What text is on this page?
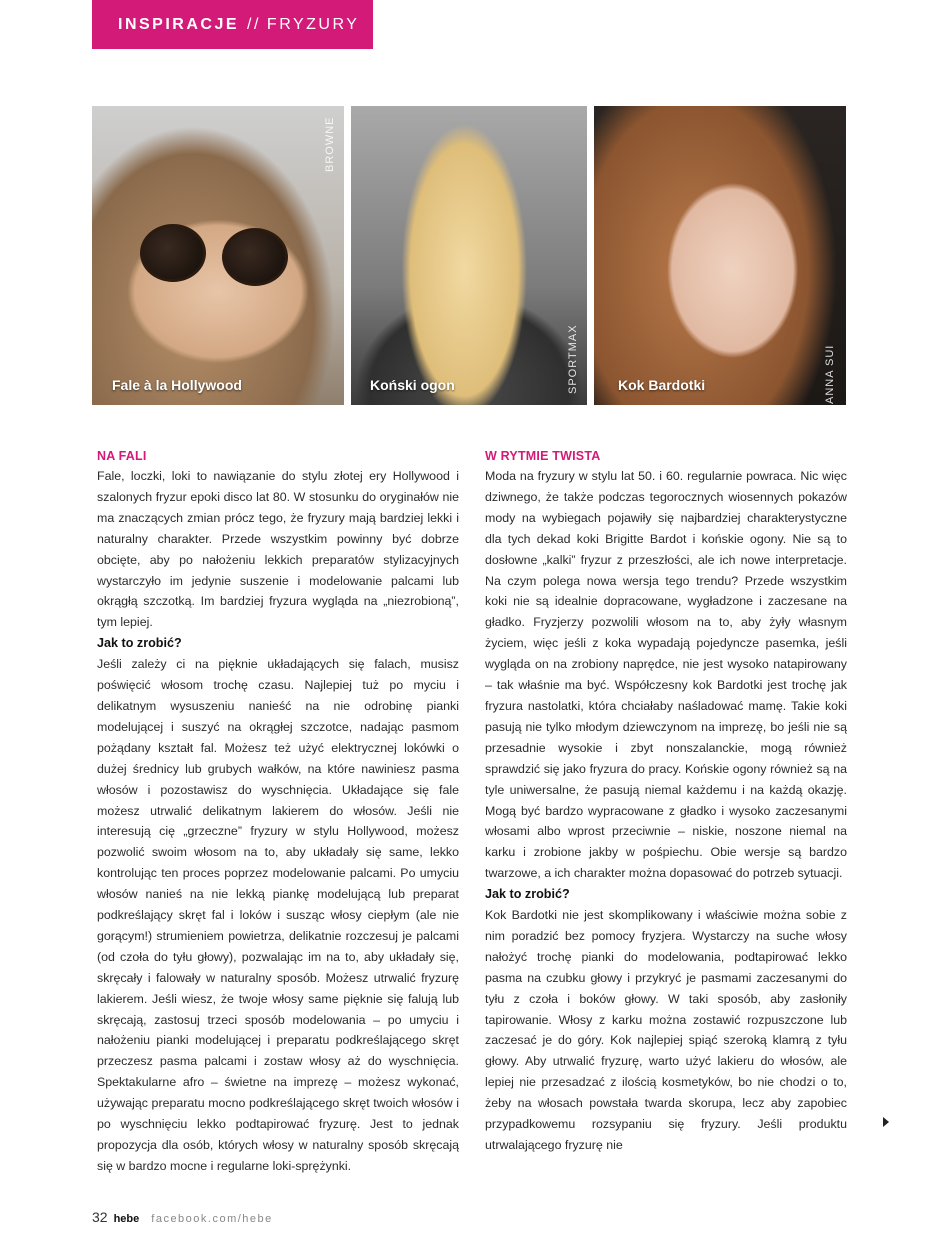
INSPIRACJE // FRYZURY
BROWNE
Fale à la Hollywood	SPORTMAX
Koński ogon	ANNA SUI
Kok Bardotki
NA FALI

Fale, loczki, loki to nawiązanie do stylu złotej ery Hollywood i szalonych fryzur epoki disco lat 80. W stosunku do oryginałów nie ma znaczących zmian prócz tego, że fryzury mają bardziej lekki i naturalny charakter. Przede wszystkim powinny być dobrze obcięte, aby po nałożeniu lekkich preparatów stylizacyjnych wystarczyło im jedynie suszenie i modelowanie palcami lub okrągłą szczotką. Im bardziej fryzura wygląda na „niezrobioną”, tym lepiej.

Jak to zrobić?

Jeśli zależy ci na pięknie układających się falach, musisz poświęcić włosom trochę czasu. Najlepiej tuż po myciu i delikatnym wysuszeniu nanieść na nie odrobinę pianki modelującej i suszyć na okrągłej szczotce, nadając pasmom pożądany kształt fal. Możesz też użyć elektrycznej lokówki o dużej średnicy lub grubych wałków, na które nawiniesz pasma włosów i pozostawisz do wyschnięcia. Układające się fale możesz utrwalić delikatnym lakierem do włosów. Jeśli nie interesują cię „grzeczne” fryzury w stylu Hollywood, możesz pozwolić swoim włosom na to, aby układały się same, lekko kontrolując ten proces poprzez modelowanie palcami. Po umyciu włosów nanieś na nie lekką piankę modelującą lub preparat podkreślający skręt fal i loków i susząc włosy ciepłym (ale nie gorącym!) strumieniem powietrza, delikatnie rozczesuj je palcami (od czoła do tyłu głowy), pozwalając im na to, aby układały się, skręcały i falowały w naturalny sposób. Możesz utrwalić fryzurę lakierem. Jeśli wiesz, że twoje włosy same pięknie się falują lub skręcają, zastosuj trzeci sposób modelowania – po umyciu i nałożeniu pianki modelującej i preparatu podkreślającego skręt przeczesz pasma palcami i zostaw włosy aż do wyschnięcia. Spektakularne afro – świetne na imprezę – możesz wykonać, używając preparatu mocno podkreślającego skręt twoich włosów i po wyschnięciu lekko podtapirować fryzurę. Jest to jednak propozycja dla osób, których włosy w naturalny sposób skręcają się w bardzo mocne i regularne loki-sprężynki.

W RYTMIE TWISTA

Moda na fryzury w stylu lat 50. i 60. regularnie powraca. Nic więc dziwnego, że także podczas tegorocznych wiosennych pokazów mody na wybiegach pojawiły się najbardziej charakterystyczne dla tych dekad koki Brigitte Bardot i końskie ogony. Nie są to dosłowne „kalki” fryzur z przeszłości, ale ich nowe interpretacje. Na czym polega nowa wersja tego trendu? Przede wszystkim koki nie są idealnie dopracowane, wygładzone i zaczesane na gładko. Fryzjerzy pozwolili włosom na to, aby żyły własnym życiem, więc jeśli z koka wypadają pojedyncze pasemka, jeśli wygląda on na zrobiony naprędce, nie jest wysoko natapirowany – tak właśnie ma być. Współczesny kok Bardotki jest trochę jak fryzura nastolatki, która chciałaby naśladować mamę. Takie koki pasują nie tylko młodym dziewczynom na imprezę, bo jeśli nie są przesadnie wysokie i zbyt nonszalanckie, mogą również sprawdzić się jako fryzura do pracy. Końskie ogony również są na tyle uniwersalne, że pasują niemal każdemu i na każdą okazję. Mogą być bardzo wypracowane z gładko i wysoko zaczesanymi włosami albo wprost przeciwnie – niskie, noszone niemal na karku i zrobione jakby w pośpiechu. Obie wersje są bardzo twarzowe, a ich charakter można dopasować do potrzeb sytuacji.

Jak to zrobić?

Kok Bardotki nie jest skomplikowany i właściwie można sobie z nim poradzić bez pomocy fryzjera. Wystarczy na suche włosy nałożyć trochę pianki do modelowania, podtapirować lekko pasma na czubku głowy i przykryć je pasmami zaczesanymi do tyłu z czoła i boków głowy. W taki sposób, aby zasłoniły tapirowanie. Włosy z karku można zostawić rozpuszczone lub zaczesać je do góry. Kok najlepiej spiąć szeroką klamrą z tyłu głowy. Aby utrwalić fryzurę, warto użyć lakieru do włosów, ale lepiej nie przesadzać z ilością kosmetyków, bo nie chodzi o to, żeby na włosach powstała twarda skorupa, lecz aby zapobiec przypadkowemu rozsypaniu się fryzury. Jeśli produktu utrwalającego fryzurę nie

32 hebe facebook.com/hebe
